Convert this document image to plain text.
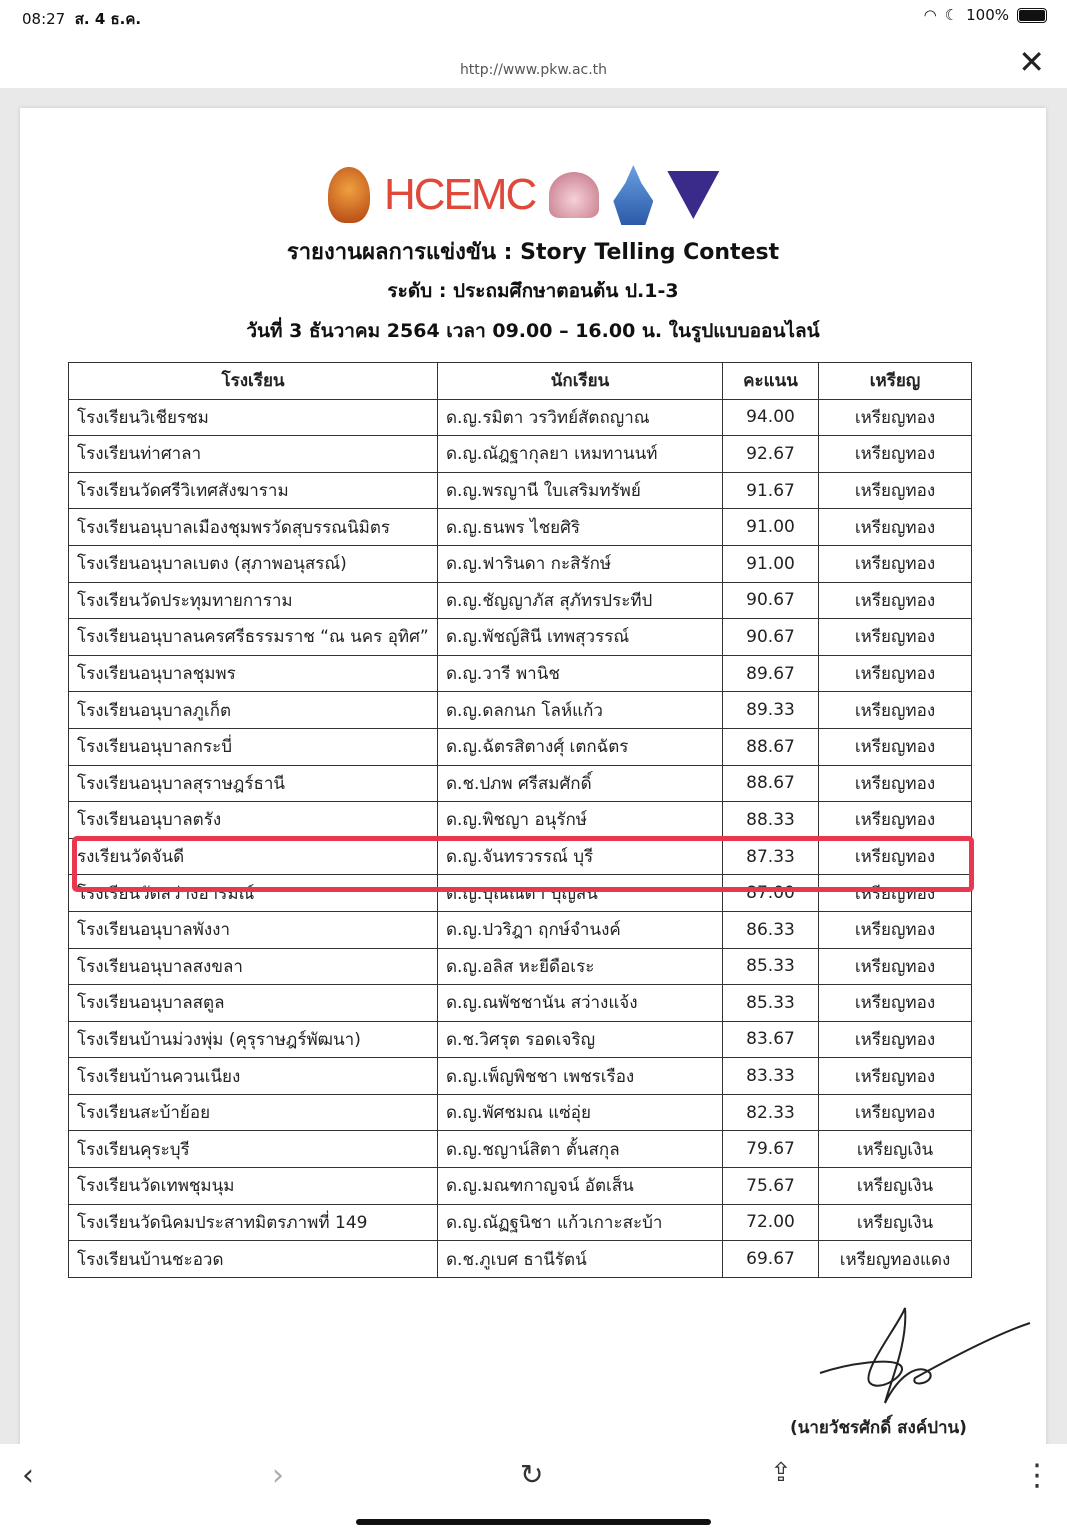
08:27 ส. 4 ธ.ค.	◠ ☾ 100%
http://www.pkw.ac.th	✕
HCEMC
รายงานผลการแข่งขัน : Story Telling Contest
ระดับ : ประถมศึกษาตอนต้น ป.1-3
วันที่ 3 ธันวาคม 2564 เวลา 09.00 – 16.00 น. ในรูปแบบออนไลน์
โรงเรียน	นักเรียน	คะแนน	เหรียญ
โรงเรียนวิเชียรชม	ด.ญ.รมิตา วรวิทย์สัตถญาณ	94.00	เหรียญทอง
โรงเรียนท่าศาลา	ด.ญ.ณัฎฐากุลยา เหมทานนท์	92.67	เหรียญทอง
โรงเรียนวัดศรีวิเทศสังฆาราม	ด.ญ.พรญานี ใบเสริมทรัพย์	91.67	เหรียญทอง
โรงเรียนอนุบาลเมืองชุมพรวัดสุบรรณนิมิตร	ด.ญ.ธนพร ไชยศิริ	91.00	เหรียญทอง
โรงเรียนอนุบาลเบตง (สุภาพอนุสรณ์)	ด.ญ.ฟารินดา กะสิรักษ์	91.00	เหรียญทอง
โรงเรียนวัดประทุมทายการาม	ด.ญ.ชัญญาภัส สุภัทรประทีป	90.67	เหรียญทอง
โรงเรียนอนุบาลนครศรีธรรมราช “ณ นคร อุทิศ”	ด.ญ.พัชญ์สินี เทพสุวรรณ์	90.67	เหรียญทอง
โรงเรียนอนุบาลชุมพร	ด.ญ.วารี พานิช	89.67	เหรียญทอง
โรงเรียนอนุบาลภูเก็ต	ด.ญ.ดลกนก โลห์แก้ว	89.33	เหรียญทอง
โรงเรียนอนุบาลกระบี่	ด.ญ.ฉัตรสิตางศุ์ เตกฉัตร	88.67	เหรียญทอง
โรงเรียนอนุบาลสุราษฎร์ธานี	ด.ช.ปภพ ศรีสมศักดิ์	88.67	เหรียญทอง
โรงเรียนอนุบาลตรัง	ด.ญ.พิชญา อนุรักษ์	88.33	เหรียญทอง
รงเรียนวัดจันดี	ด.ญ.จันทรวรรณ์ บุรี	87.33	เหรียญทอง
โรงเรียนวัดสว่างอารมณ์	ด.ญ.บุณณดา บุญสน	87.00	เหรียญทอง
โรงเรียนอนุบาลพังงา	ด.ญ.ปวริฎา ฤกษ์จำนงค์	86.33	เหรียญทอง
โรงเรียนอนุบาลสงขลา	ด.ญ.อลิส หะยีดือเระ	85.33	เหรียญทอง
โรงเรียนอนุบาลสตูล	ด.ญ.ณพัชชานัน สว่างแจ้ง	85.33	เหรียญทอง
โรงเรียนบ้านม่วงพุ่ม (คุรุราษฎร์พัฒนา)	ด.ช.วิศรุต รอดเจริญ	83.67	เหรียญทอง
โรงเรียนบ้านควนเนียง	ด.ญ.เพ็ญพิชชา เพชรเรือง	83.33	เหรียญทอง
โรงเรียนสะบ้าย้อย	ด.ญ.พัศชมณ แซ่อุ่ย	82.33	เหรียญทอง
โรงเรียนคุระบุรี	ด.ญ.ชญาน์สิตา ตั้นสกุล	79.67	เหรียญเงิน
โรงเรียนวัดเทพชุมนุม	ด.ญ.มณฑกาญจน์ อัตเส็น	75.67	เหรียญเงิน
โรงเรียนวัดนิคมประสาทมิตรภาพที่ 149	ด.ญ.ณัฏฐนิชา แก้วเกาะสะบ้า	72.00	เหรียญเงิน
โรงเรียนบ้านชะอวด	ด.ช.ภูเบศ ธานีรัตน์	69.67	เหรียญทองแดง
(นายวัชรศักดิ์ สงค์ปาน)
‹	›	↻	⇪	⋮
